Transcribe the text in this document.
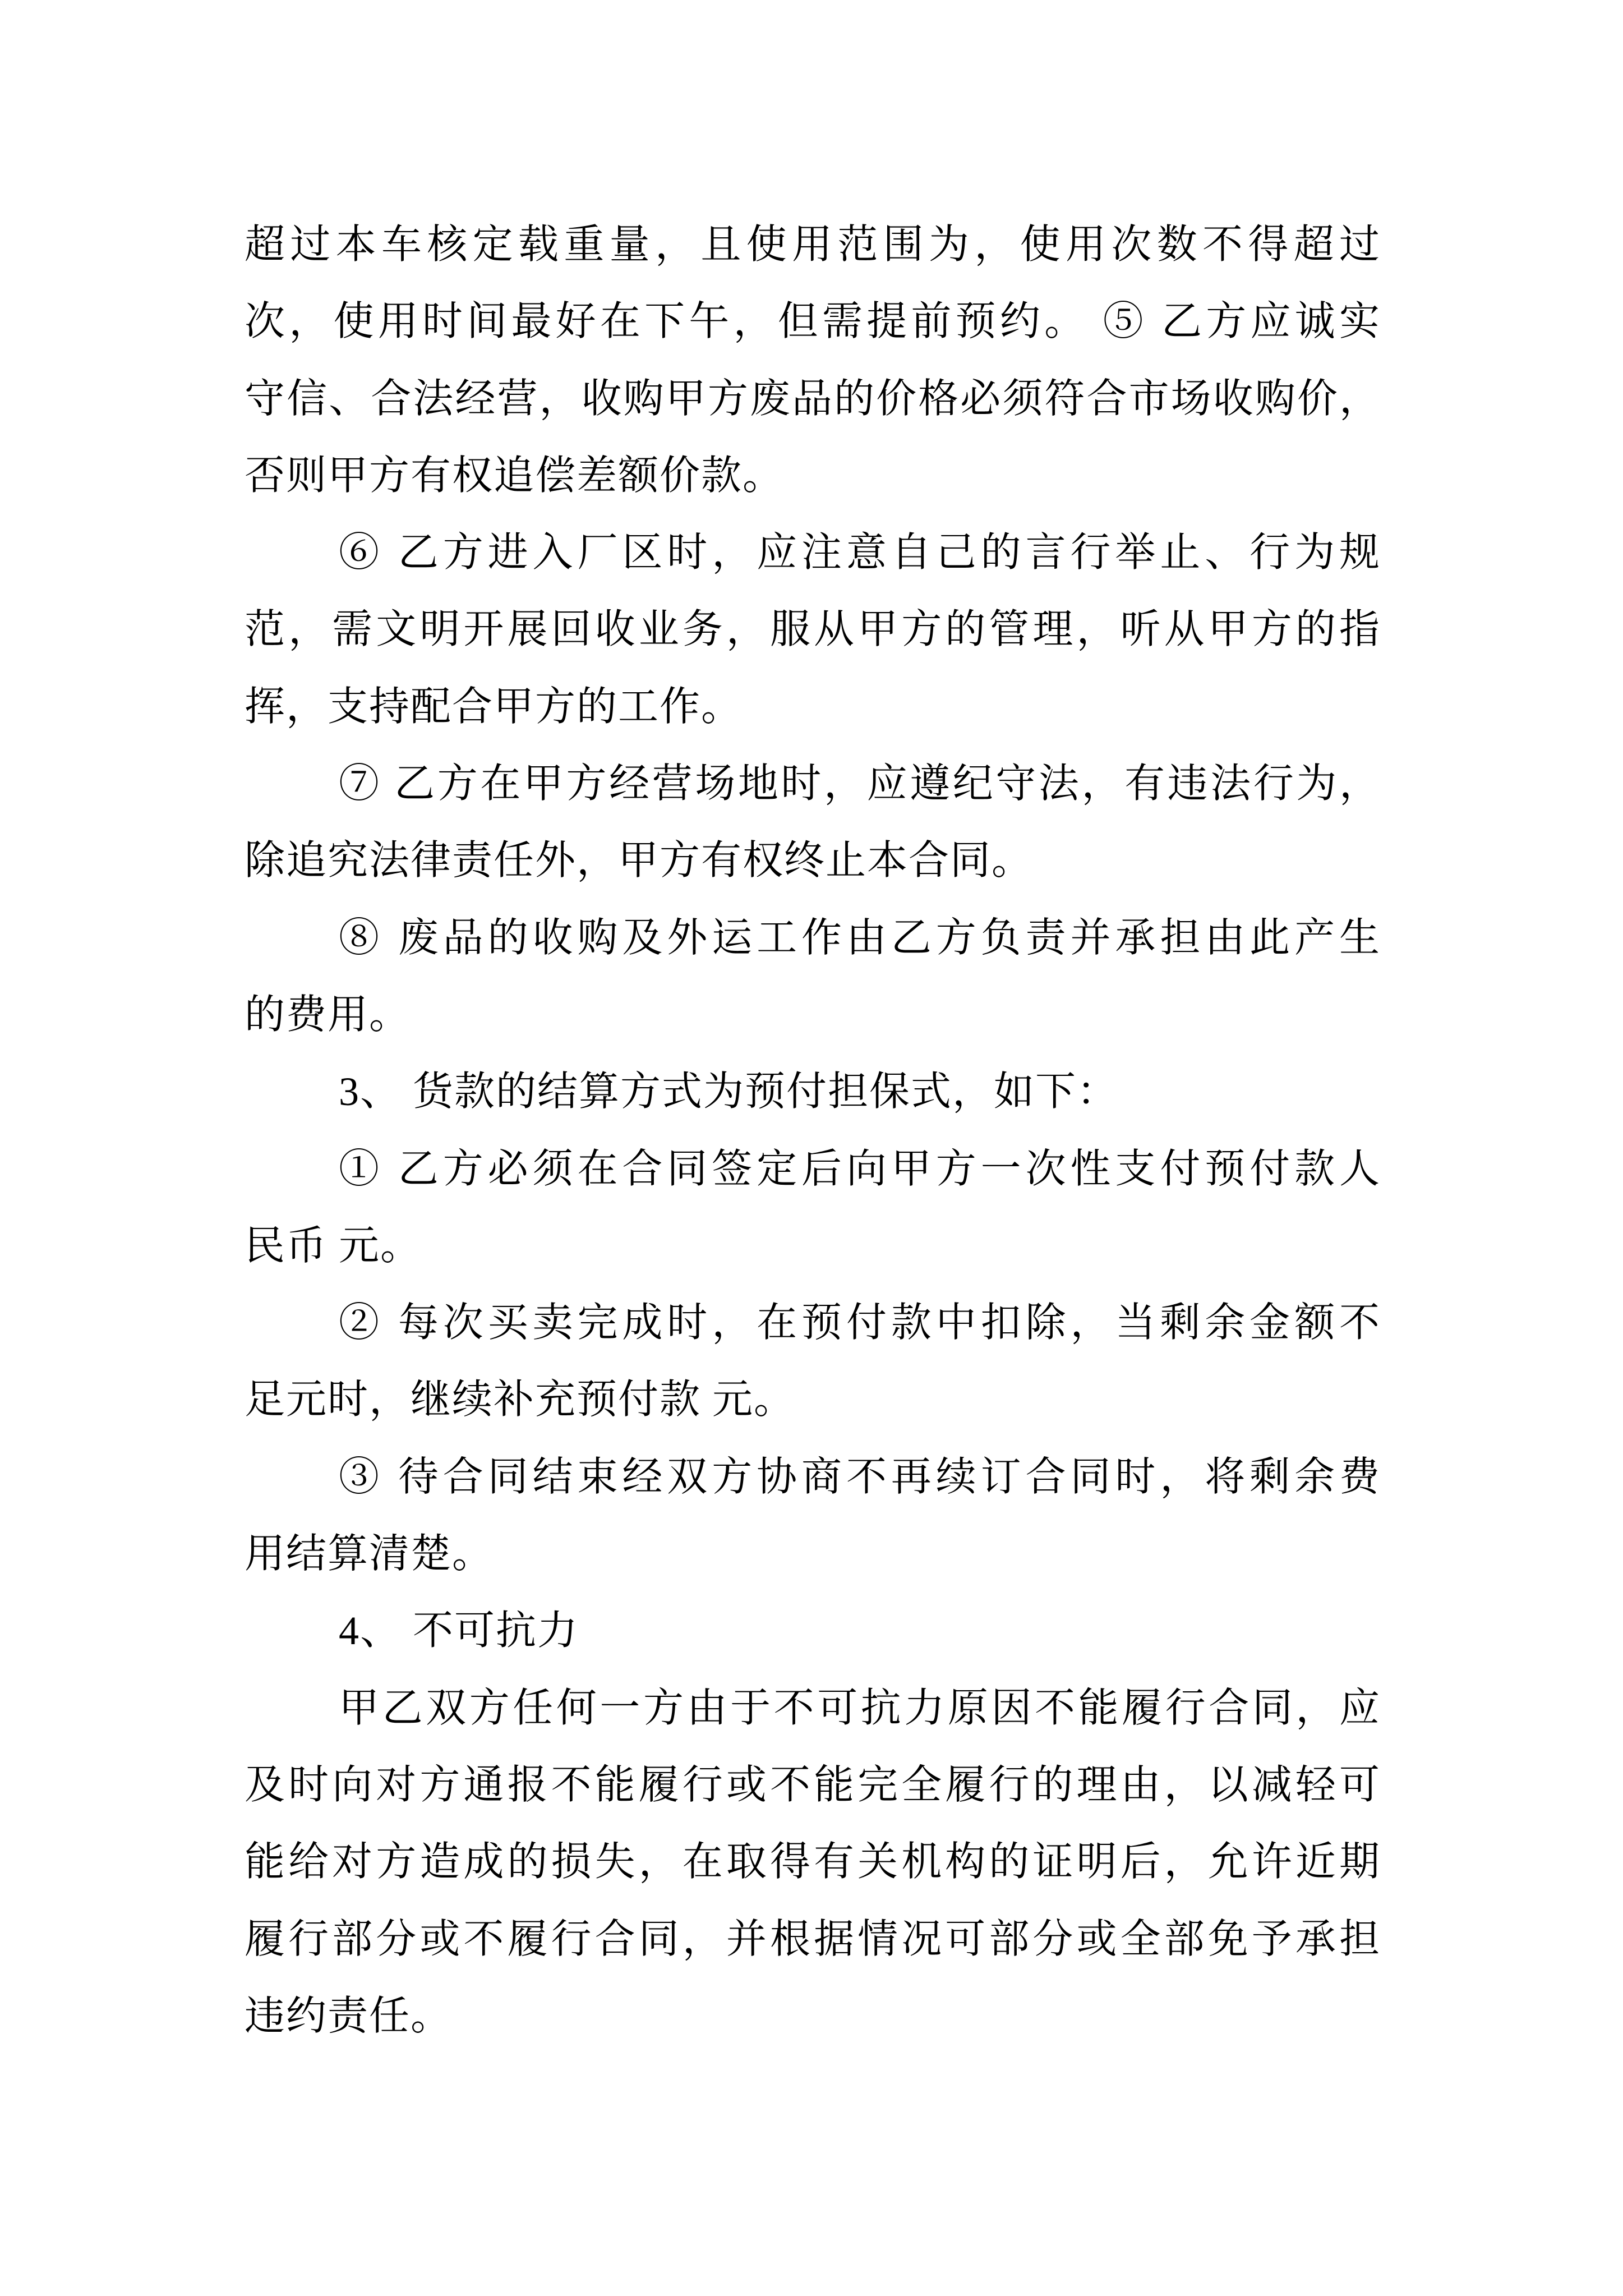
超过本车核定载重量，且使用范围为，使用次数不得超过
次，使用时间最好在下午，但需提前预约。 ⑤ 乙方应诚实
守信、合法经营，收购甲方废品的价格必须符合市场收购价，
否则甲方有权追偿差额价款。
⑥ 乙方进入厂区时，应注意自己的言行举止、行为规
范，需文明开展回收业务，服从甲方的管理，听从甲方的指
挥，支持配合甲方的工作。
⑦ 乙方在甲方经营场地时，应遵纪守法，有违法行为，
除追究法律责任外，甲方有权终止本合同。
⑧ 废品的收购及外运工作由乙方负责并承担由此产生
的费用。
3、 货款的结算方式为预付担保式，如下：
① 乙方必须在合同签定后向甲方一次性支付预付款人
民币 元。
② 每次买卖完成时，在预付款中扣除，当剩余金额不
足元时，继续补充预付款 元。
③ 待合同结束经双方协商不再续订合同时，将剩余费
用结算清楚。
4、 不可抗力
甲乙双方任何一方由于不可抗力原因不能履行合同，应
及时向对方通报不能履行或不能完全履行的理由，以减轻可
能给对方造成的损失，在取得有关机构的证明后，允许近期
履行部分或不履行合同，并根据情况可部分或全部免予承担
违约责任。
